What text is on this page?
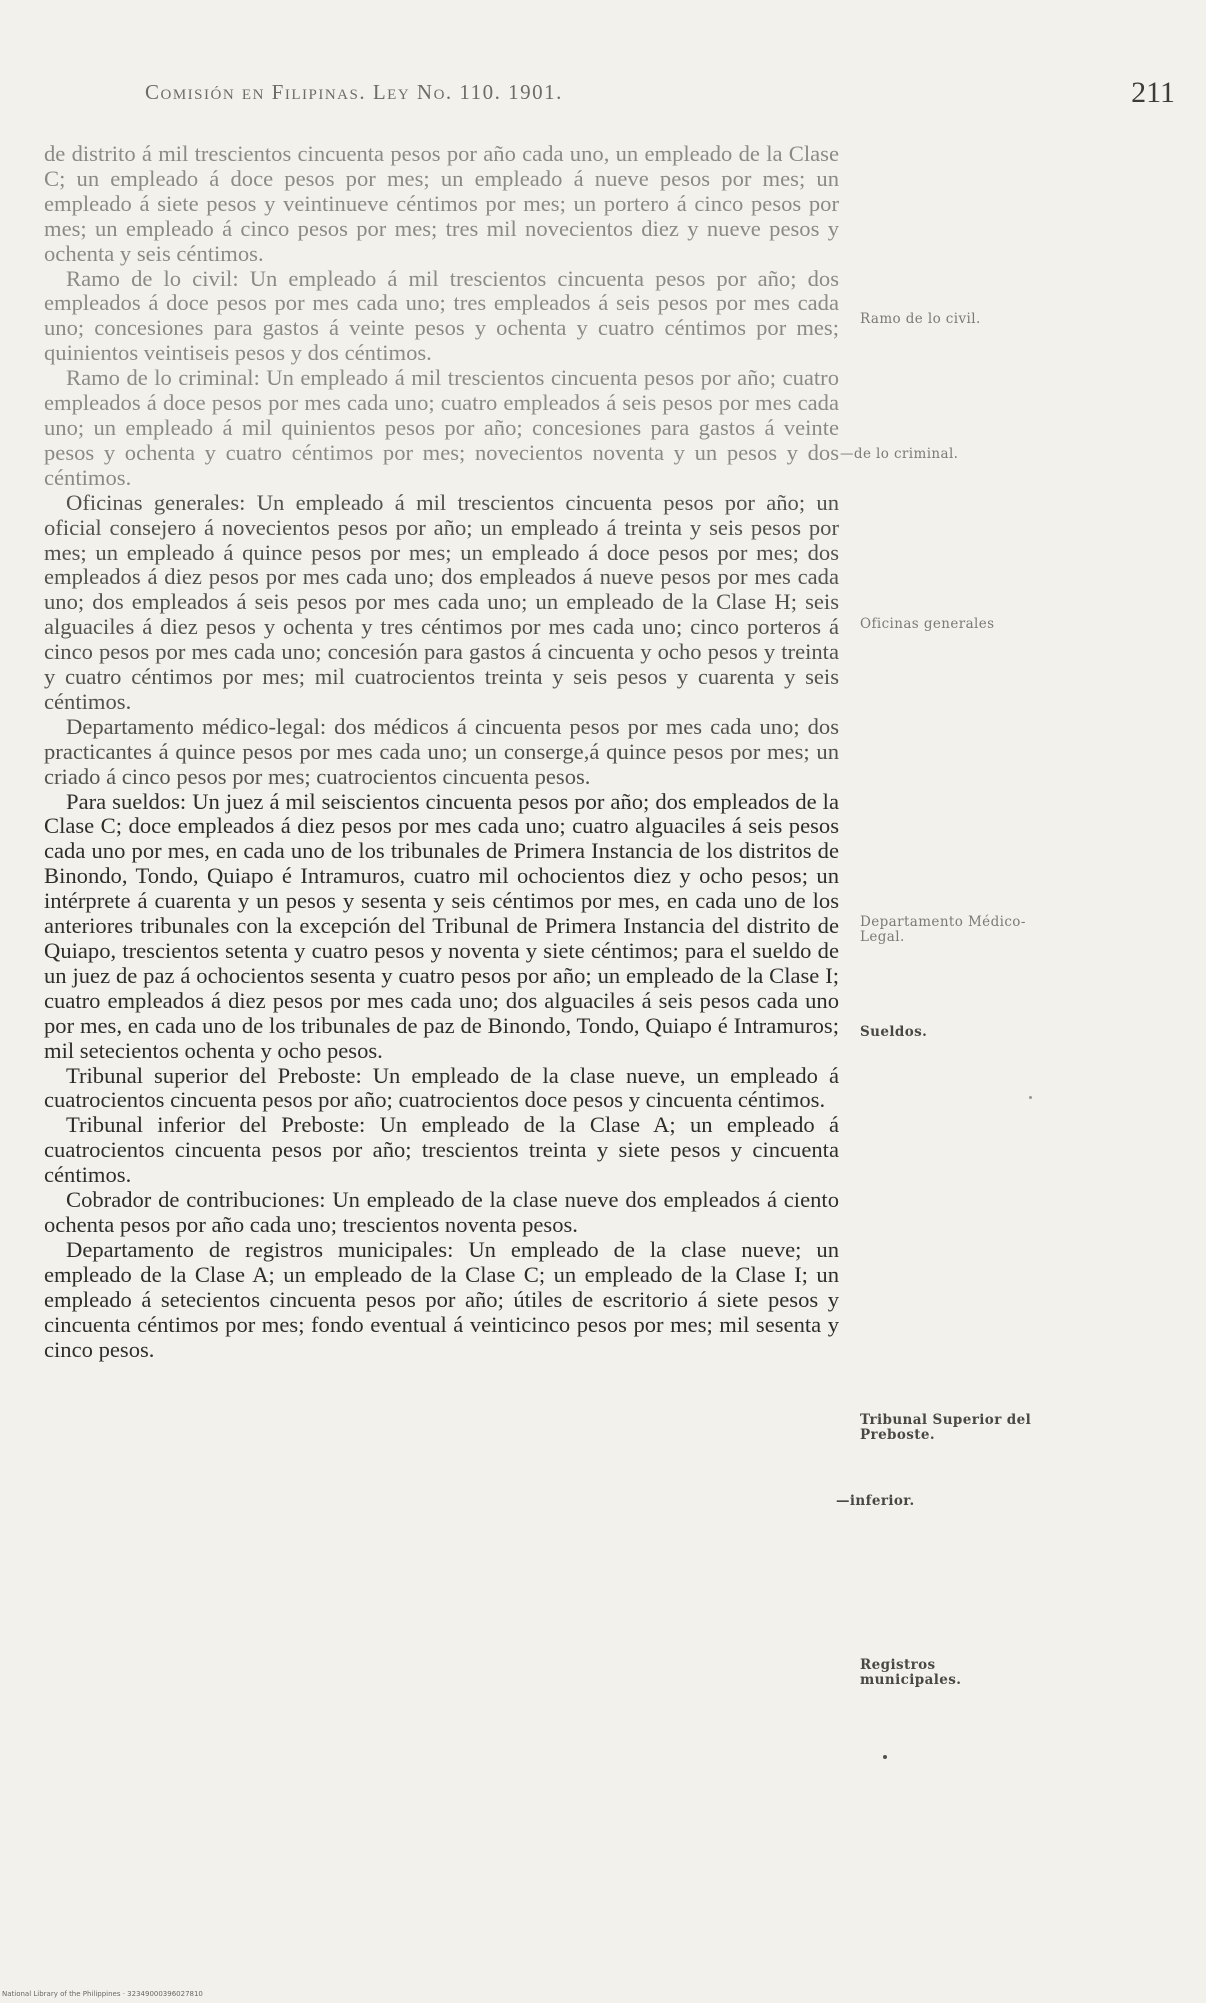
Comisión en Filipinas. Ley No. 110. 1901.	211

de distrito á mil trescientos cincuenta pesos por año cada uno, un empleado de la Clase C; un empleado á doce pesos por mes; un empleado á nueve pesos por mes; un empleado á siete pesos y veintinueve céntimos por mes; un portero á cinco pesos por mes; un empleado á cinco pesos por mes; tres mil novecientos diez y nueve pesos y ochenta y seis céntimos.

Ramo de lo civil: Un empleado á mil trescientos cincuenta pesos por año; dos empleados á doce pesos por mes cada uno; tres empleados á seis pesos por mes cada uno; concesiones para gastos á veinte pesos y ochenta y cuatro céntimos por mes; quinientos veintiseis pesos y dos céntimos.

Ramo de lo criminal: Un empleado á mil trescientos cincuenta pesos por año; cuatro empleados á doce pesos por mes cada uno; cuatro empleados á seis pesos por mes cada uno; un empleado á mil quinientos pesos por año; concesiones para gastos á veinte pesos y ochenta y cuatro céntimos por mes; novecientos noventa y un pesos y dos céntimos.

Oficinas generales: Un empleado á mil trescientos cincuenta pesos por año; un oficial consejero á novecientos pesos por año; un empleado á treinta y seis pesos por mes; un empleado á quince pesos por mes; un empleado á doce pesos por mes; dos empleados á diez pesos por mes cada uno; dos empleados á nueve pesos por mes cada uno; dos empleados á seis pesos por mes cada uno; un empleado de la Clase H; seis alguaciles á diez pesos y ochenta y tres céntimos por mes cada uno; cinco porteros á cinco pesos por mes cada uno; concesión para gastos á cincuenta y ocho pesos y treinta y cuatro céntimos por mes; mil cuatrocientos treinta y seis pesos y cuarenta y seis céntimos.

Departamento médico-legal: dos médicos á cincuenta pesos por mes cada uno; dos practicantes á quince pesos por mes cada uno; un conserge,á quince pesos por mes; un criado á cinco pesos por mes; cuatrocientos cincuenta pesos.

Para sueldos: Un juez á mil seiscientos cincuenta pesos por año; dos empleados de la Clase C; doce empleados á diez pesos por mes cada uno; cuatro alguaciles á seis pesos cada uno por mes, en cada uno de los tribunales de Primera Instancia de los distritos de Binondo, Tondo, Quiapo é Intramuros, cuatro mil ochocientos diez y ocho pesos; un intérprete á cuarenta y un pesos y sesenta y seis céntimos por mes, en cada uno de los anteriores tribunales con la excepción del Tribunal de Primera Instancia del distrito de Quiapo, trescientos setenta y cuatro pesos y noventa y siete céntimos; para el sueldo de un juez de paz á ochocientos sesenta y cuatro pesos por año; un empleado de la Clase I; cuatro empleados á diez pesos por mes cada uno; dos alguaciles á seis pesos cada uno por mes, en cada uno de los tribunales de paz de Binondo, Tondo, Quiapo é Intramuros; mil setecientos ochenta y ocho pesos.

Tribunal superior del Preboste: Un empleado de la clase nueve, un empleado á cuatrocientos cincuenta pesos por año; cuatrocientos doce pesos y cincuenta céntimos.

Tribunal inferior del Preboste: Un empleado de la Clase A; un empleado á cuatrocientos cincuenta pesos por año; trescientos treinta y siete pesos y cincuenta céntimos.

Cobrador de contribuciones: Un empleado de la clase nueve dos empleados á ciento ochenta pesos por año cada uno; trescientos noventa pesos.

Departamento de registros municipales: Un empleado de la clase nueve; un empleado de la Clase A; un empleado de la Clase C; un empleado de la Clase I; un empleado á setecientos cincuenta pesos por año; útiles de escritorio á siete pesos y cincuenta céntimos por mes; fondo eventual á veinticinco pesos por mes; mil sesenta y cinco pesos.

Ramo de lo civil.
—de lo criminal.
Oficinas generales
Departamento Médico-Legal.
Sueldos.
Tribunal Superior del Preboste.
—inferior.
Registros municipales.
National Library of the Philippines · 32349000396027810
